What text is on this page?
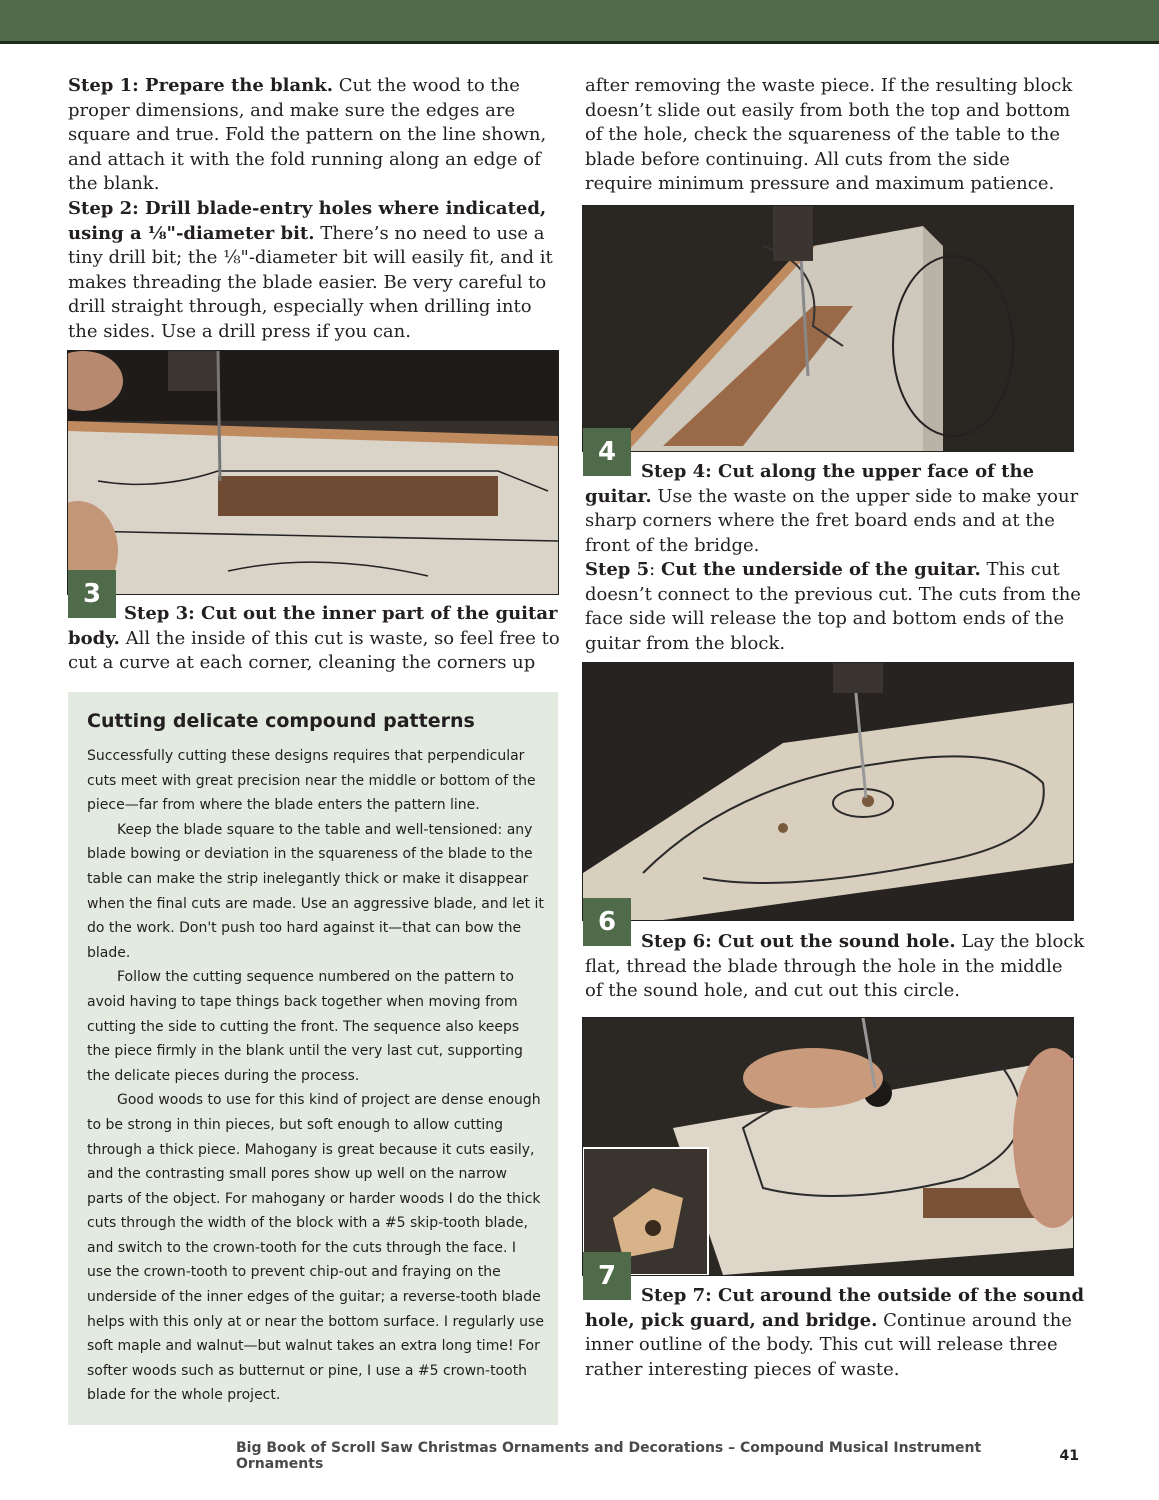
Step 1: Prepare the blank. Cut the wood to the proper dimensions, and make sure the edges are square and true. Fold the pattern on the line shown, and attach it with the fold running along an edge of the blank.

Step 2: Drill blade-entry holes where indicated, using a ⅛"-diameter bit. There’s no need to use a tiny drill bit; the ⅛"-diameter bit will easily fit, and it makes threading the blade easier. Be very careful to drill straight through, especially when drilling into the sides. Use a drill press if you can.

3

Step 3: Cut out the inner part of the guitar body. All the inside of this cut is waste, so feel free to cut a curve at each corner, cleaning the corners up

Cutting delicate compound patterns

Successfully cutting these designs requires that perpendicular cuts meet with great precision near the middle or bottom of the piece—far from where the blade enters the pattern line.

Keep the blade square to the table and well-tensioned: any blade bowing or deviation in the squareness of the blade to the table can make the strip inelegantly thick or make it disappear when the final cuts are made. Use an aggressive blade, and let it do the work. Don't push too hard against it—that can bow the blade.

Follow the cutting sequence numbered on the pattern to avoid having to tape things back together when moving from cutting the side to cutting the front. The sequence also keeps the piece firmly in the blank until the very last cut, supporting the delicate pieces during the process.

Good woods to use for this kind of project are dense enough to be strong in thin pieces, but soft enough to allow cutting through a thick piece. Mahogany is great because it cuts easily, and the contrasting small pores show up well on the narrow parts of the object. For mahogany or harder woods I do the thick cuts through the width of the block with a #5 skip-tooth blade, and switch to the crown-tooth for the cuts through the face. I use the crown-tooth to prevent chip-out and fraying on the underside of the inner edges of the guitar; a reverse-tooth blade helps with this only at or near the bottom surface. I regularly use soft maple and walnut—but walnut takes an extra long time! For softer woods such as butternut or pine, I use a #5 crown-tooth blade for the whole project.

after removing the waste piece. If the resulting block doesn’t slide out easily from both the top and bottom of the hole, check the squareness of the table to the blade before continuing. All cuts from the side require minimum pressure and maximum patience.

4

Step 4: Cut along the upper face of the guitar. Use the waste on the upper side to make your sharp corners where the fret board ends and at the front of the bridge.

Step 5: Cut the underside of the guitar. This cut doesn’t connect to the previous cut. The cuts from the face side will release the top and bottom ends of the guitar from the block.

6

Step 6: Cut out the sound hole. Lay the block flat, thread the blade through the hole in the middle of the sound hole, and cut out this circle.

7

Step 7: Cut around the outside of the sound hole, pick guard, and bridge. Continue around the inner outline of the body. This cut will release three rather interesting pieces of waste.

Big Book of Scroll Saw Christmas Ornaments and Decorations – Compound Musical Instrument Ornaments	41
